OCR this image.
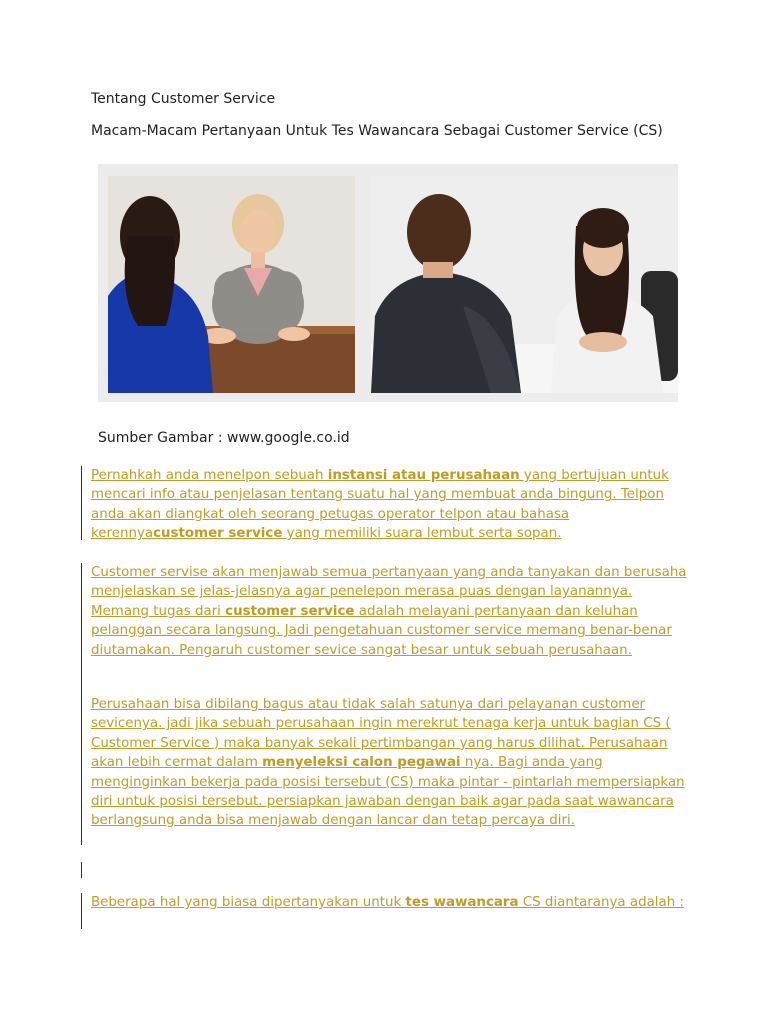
Tentang Customer Service
Macam-Macam Pertanyaan Untuk Tes Wawancara Sebagai Customer Service (CS)
Sumber Gambar : www.google.co.id
Pernahkah anda menelpon sebuah instansi atau perusahaan yang bertujuan untuk mencari info atau penjelasan tentang suatu hal yang membuat anda bingung. Telpon anda akan diangkat oleh seorang petugas operator telpon atau bahasa kerennyacustomer service yang memiliki suara lembut serta sopan.
Customer servise akan menjawab semua pertanyaan yang anda tanyakan dan berusaha menjelaskan se jelas-jelasnya agar penelepon merasa puas dengan layanannya. Memang tugas dari customer service adalah melayani pertanyaan dan keluhan pelanggan secara langsung. Jadi pengetahuan customer service memang benar-benar diutamakan. Pengaruh customer sevice sangat besar untuk sebuah perusahaan.
Perusahaan bisa dibilang bagus atau tidak salah satunya dari pelayanan customer sevicenya. jadi jika sebuah perusahaan ingin merekrut tenaga kerja untuk bagian CS ( Customer Service ) maka banyak sekali pertimbangan yang harus dilihat. Perusahaan akan lebih cermat dalam menyeleksi calon pegawai nya. Bagi anda yang menginginkan bekerja pada posisi tersebut (CS) maka pintar - pintarlah mempersiapkan diri untuk posisi tersebut. persiapkan jawaban dengan baik agar pada saat wawancara berlangsung anda bisa menjawab dengan lancar dan tetap percaya diri.
Beberapa hal yang biasa dipertanyakan untuk tes wawancara CS diantaranya adalah :
